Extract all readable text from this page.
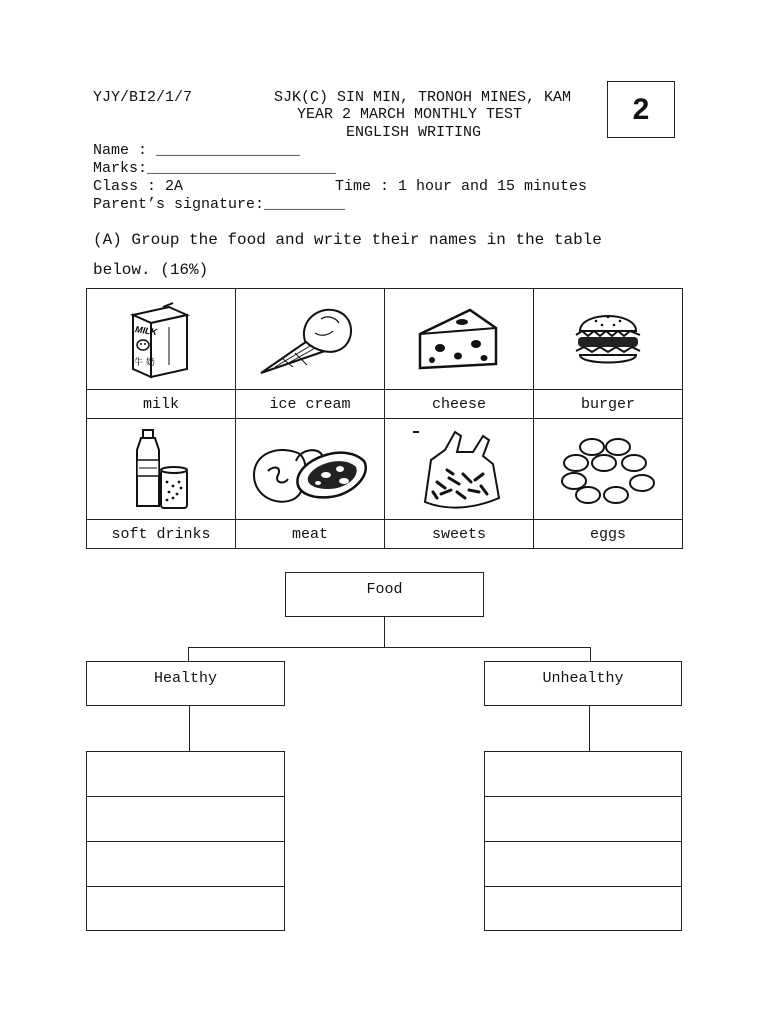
YJY/BI2/1/7	SJK(C) SIN MIN, TRONOH MINES, KAM
YEAR 2 MARCH MONTHLY TEST
ENGLISH WRITING
2
Name : ________________
Marks:_____________________
Class : 2A	Time : 1 hour and 15 minutes
Parent’s signature:_________
(A) Group the food and write their names in the table
below. (16%)
MILK
牛 奶

milk	ice cream	cheese	burger

soft drinks	meat	sweets	eggs
Food
Healthy	Unhealthy
